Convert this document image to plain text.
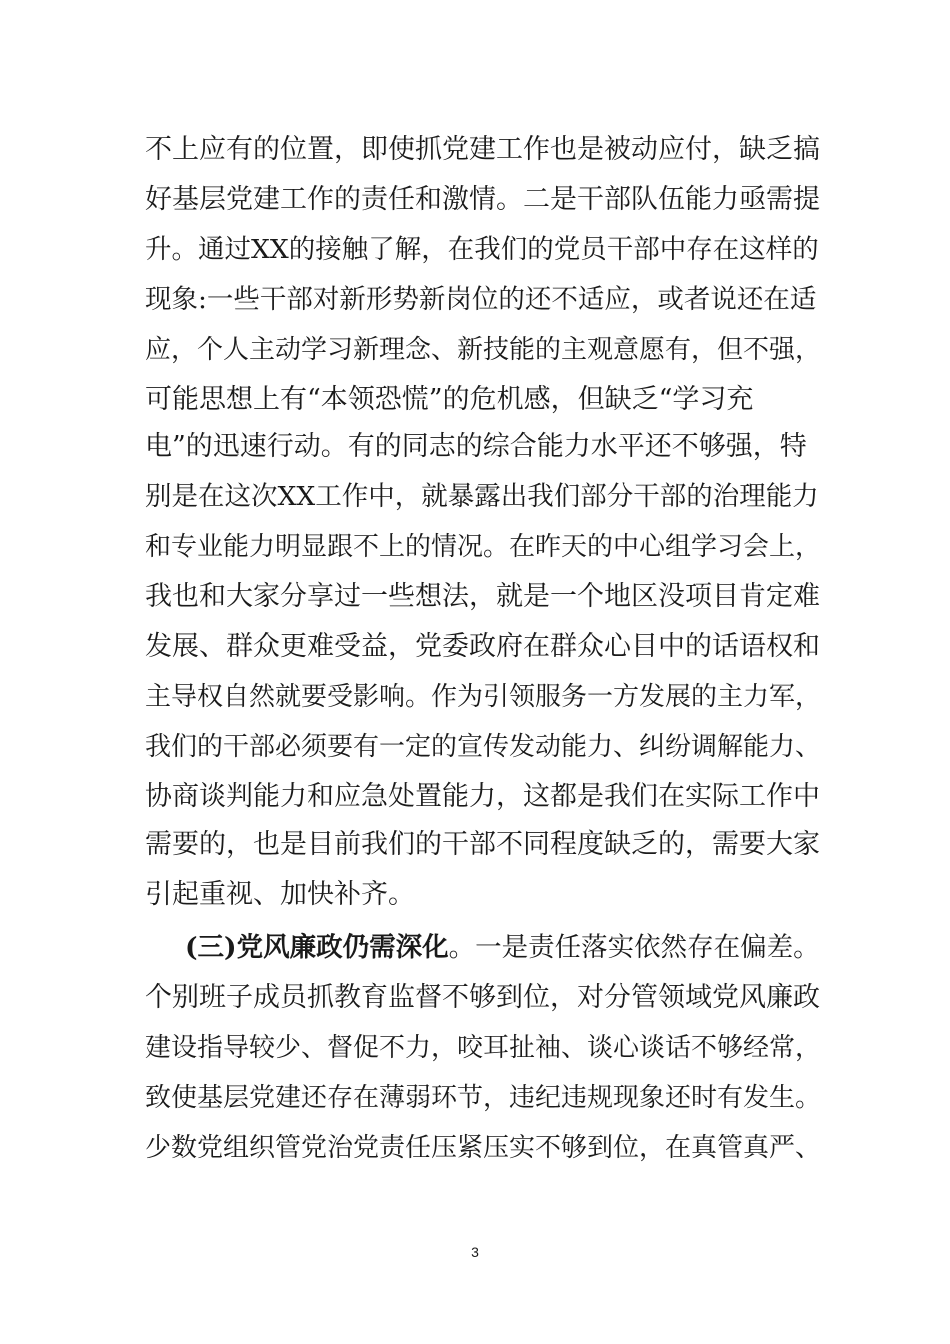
不上应有的位置，即使抓党建工作也是被动应付，缺乏搞
好基层党建工作的责任和激情。二是干部队伍能力亟需提
升。通过XX的接触了解，在我们的党员干部中存在这样的
现象:一些干部对新形势新岗位的还不适应，或者说还在适
应，个人主动学习新理念、新技能的主观意愿有，但不强，
可能思想上有“本领恐慌”的危机感，但缺乏“学习充
电”的迅速行动。有的同志的综合能力水平还不够强，特
别是在这次XX工作中，就暴露出我们部分干部的治理能力
和专业能力明显跟不上的情况。在昨天的中心组学习会上，
我也和大家分享过一些想法，就是一个地区没项目肯定难
发展、群众更难受益，党委政府在群众心目中的话语权和
主导权自然就要受影响。作为引领服务一方发展的主力军，
我们的干部必须要有一定的宣传发动能力、纠纷调解能力、
协商谈判能力和应急处置能力，这都是我们在实际工作中
需要的，也是目前我们的干部不同程度缺乏的，需要大家
引起重视、加快补齐。
(三)党风廉政仍需深化。一是责任落实依然存在偏差。
个别班子成员抓教育监督不够到位，对分管领域党风廉政
建设指导较少、督促不力，咬耳扯袖、谈心谈话不够经常，
致使基层党建还存在薄弱环节，违纪违规现象还时有发生。
少数党组织管党治党责任压紧压实不够到位，在真管真严、
3
